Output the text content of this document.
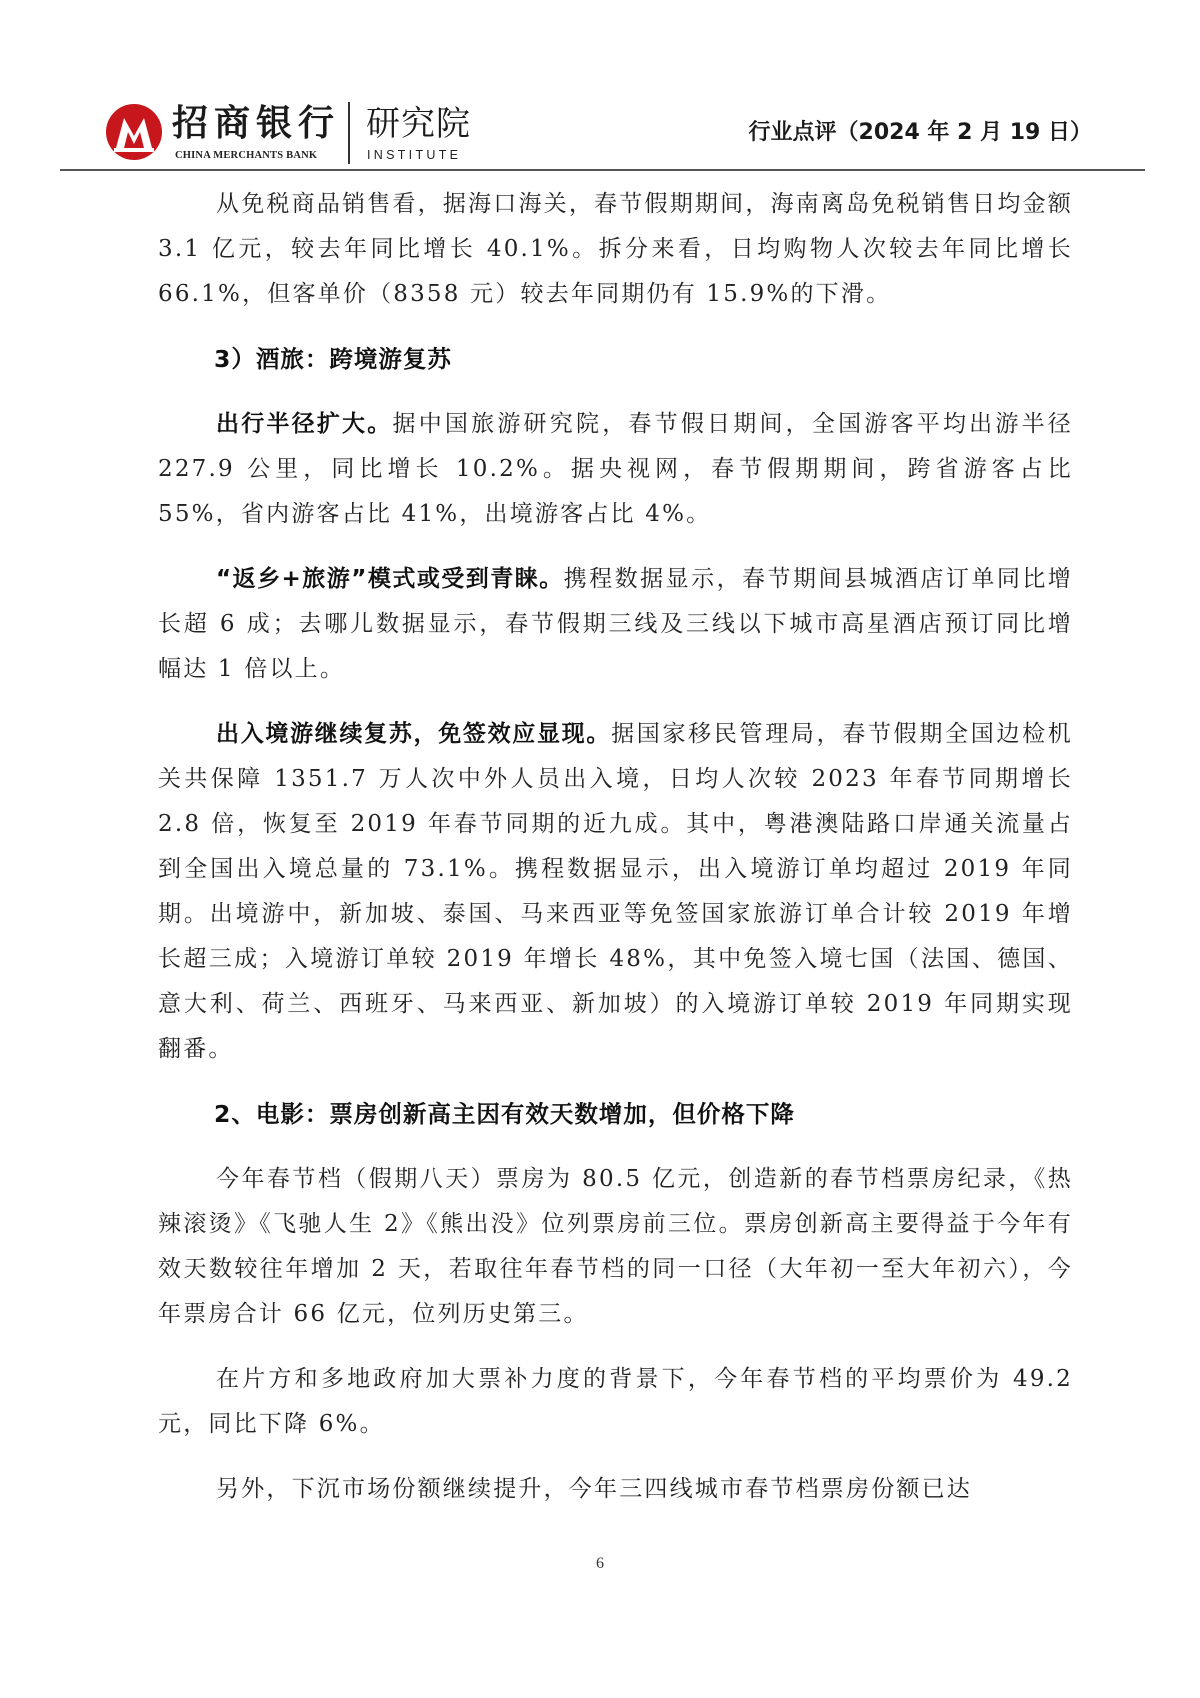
招商银行
CHINA MERCHANTS BANK
研究院
INSTITUTE
行业点评（2024 年 2 月 19 日）

从免税商品销售看，据海口海关，春节假期期间，海南离岛免税销售日均金额 3.1 亿元，较去年同比增长 40.1%。拆分来看，日均购物人次较去年同比增长 66.1%，但客单价（8358 元）较去年同期仍有 15.9%的下滑。

3）酒旅：跨境游复苏

出行半径扩大。据中国旅游研究院，春节假日期间，全国游客平均出游半径 227.9 公里，同比增长 10.2%。据央视网，春节假期期间，跨省游客占比 55%，省内游客占比 41%，出境游客占比 4%。

“返乡+旅游”模式或受到青睐。携程数据显示，春节期间县城酒店订单同比增长超 6 成；去哪儿数据显示，春节假期三线及三线以下城市高星酒店预订同比增幅达 1 倍以上。

出入境游继续复苏，免签效应显现。据国家移民管理局，春节假期全国边检机关共保障 1351.7 万人次中外人员出入境，日均人次较 2023 年春节同期增长 2.8 倍，恢复至 2019 年春节同期的近九成。其中，粤港澳陆路口岸通关流量占到全国出入境总量的 73.1%。携程数据显示，出入境游订单均超过 2019 年同期。出境游中，新加坡、泰国、马来西亚等免签国家旅游订单合计较 2019 年增长超三成；入境游订单较 2019 年增长 48%，其中免签入境七国（法国、德国、意大利、荷兰、西班牙、马来西亚、新加坡）的入境游订单较 2019 年同期实现翻番。

2、电影：票房创新高主因有效天数增加，但价格下降

今年春节档（假期八天）票房为 80.5 亿元，创造新的春节档票房纪录，《热辣滚烫》《飞驰人生 2》《熊出没》位列票房前三位。票房创新高主要得益于今年有效天数较往年增加 2 天，若取往年春节档的同一口径（大年初一至大年初六），今年票房合计 66 亿元，位列历史第三。

在片方和多地政府加大票补力度的背景下，今年春节档的平均票价为 49.2 元，同比下降 6%。

另外，下沉市场份额继续提升，今年三四线城市春节档票房份额已达

6
